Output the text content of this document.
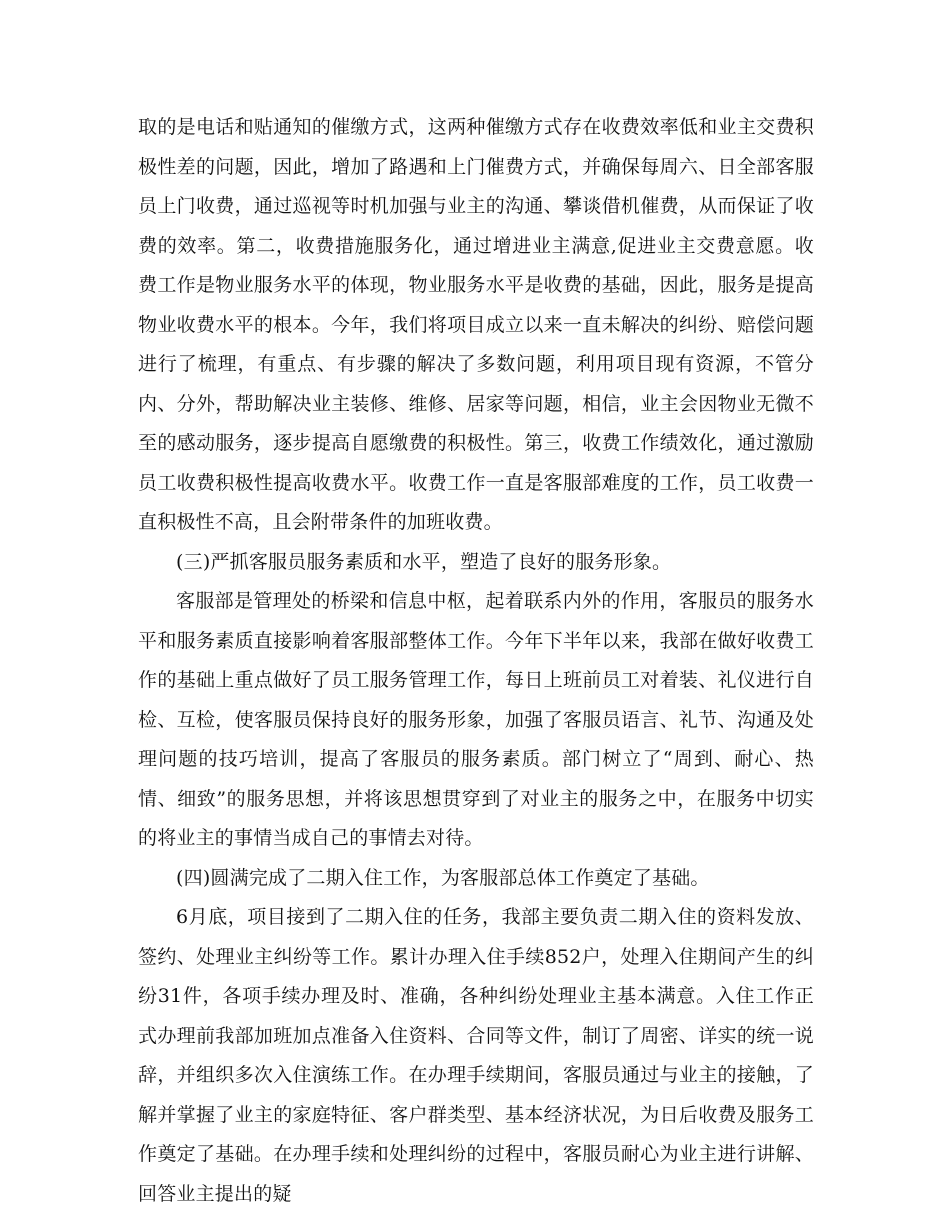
取的是电话和贴通知的催缴方式，这两种催缴方式存在收费效率低和业主交费积极性差的问题，因此，增加了路遇和上门催费方式，并确保每周六、日全部客服员上门收费，通过巡视等时机加强与业主的沟通、攀谈借机催费，从而保证了收费的效率。第二，收费措施服务化，通过增进业主满意,促进业主交费意愿。收费工作是物业服务水平的体现，物业服务水平是收费的基础，因此，服务是提高物业收费水平的根本。今年，我们将项目成立以来一直未解决的纠纷、赔偿问题进行了梳理，有重点、有步骤的解决了多数问题，利用项目现有资源，不管分内、分外，帮助解决业主装修、维修、居家等问题，相信，业主会因物业无微不至的感动服务，逐步提高自愿缴费的积极性。第三，收费工作绩效化，通过激励员工收费积极性提高收费水平。收费工作一直是客服部难度的工作，员工收费一直积极性不高，且会附带条件的加班收费。

(三)严抓客服员服务素质和水平，塑造了良好的服务形象。

客服部是管理处的桥梁和信息中枢，起着联系内外的作用，客服员的服务水平和服务素质直接影响着客服部整体工作。今年下半年以来，我部在做好收费工作的基础上重点做好了员工服务管理工作，每日上班前员工对着装、礼仪进行自检、互检，使客服员保持良好的服务形象，加强了客服员语言、礼节、沟通及处理问题的技巧培训，提高了客服员的服务素质。部门树立了“周到、耐心、热情、细致”的服务思想，并将该思想贯穿到了对业主的服务之中，在服务中切实的将业主的事情当成自己的事情去对待。

(四)圆满完成了二期入住工作，为客服部总体工作奠定了基础。

6月底，项目接到了二期入住的任务，我部主要负责二期入住的资料发放、签约、处理业主纠纷等工作。累计办理入住手续852户，处理入住期间产生的纠纷31件，各项手续办理及时、准确，各种纠纷处理业主基本满意。入住工作正式办理前我部加班加点准备入住资料、合同等文件，制订了周密、详实的统一说辞，并组织多次入住演练工作。在办理手续期间，客服员通过与业主的接触，了解并掌握了业主的家庭特征、客户群类型、基本经济状况，为日后收费及服务工作奠定了基础。在办理手续和处理纠纷的过程中，客服员耐心为业主进行讲解、回答业主提出的疑
